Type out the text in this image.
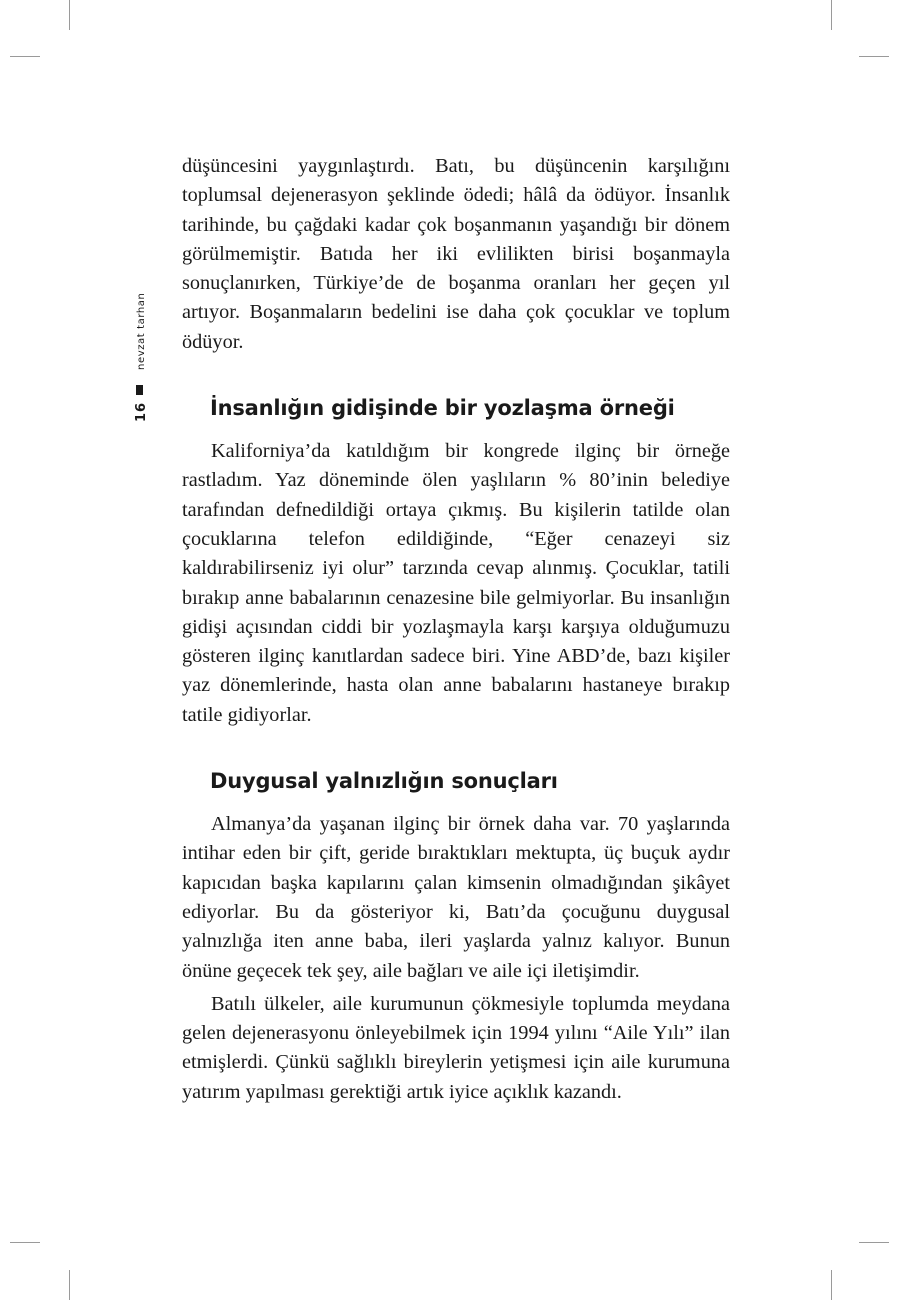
nevzat tarhan
16

düşüncesini yaygınlaştırdı. Batı, bu düşüncenin karşılığını toplumsal dejenerasyon şeklinde ödedi; hâlâ da ödüyor. İnsanlık tarihinde, bu çağdaki kadar çok boşanmanın yaşandığı bir dönem görülmemiştir. Batıda her iki evlilikten birisi boşanmayla sonuçlanırken, Türkiye’de de boşanma oranları her geçen yıl artıyor. Boşanmaların bedelini ise daha çok çocuklar ve toplum ödüyor.

İnsanlığın gidişinde bir yozlaşma örneği

Kaliforniya’da katıldığım bir kongrede ilginç bir örneğe rastladım. Yaz döneminde ölen yaşlıların % 80’inin belediye tarafından defnedildiği ortaya çıkmış. Bu kişilerin tatilde olan çocuklarına telefon edildiğinde, “Eğer cenazeyi siz kaldırabilirseniz iyi olur” tarzında cevap alınmış. Çocuklar, tatili bırakıp anne babalarının cenazesine bile gelmiyorlar. Bu insanlığın gidişi açısından ciddi bir yozlaşmayla karşı karşıya olduğumuzu gösteren ilginç kanıtlardan sadece biri. Yine ABD’de, bazı kişiler yaz dönemlerinde, hasta olan anne babalarını hastaneye bırakıp tatile gidiyorlar.

Duygusal yalnızlığın sonuçları

Almanya’da yaşanan ilginç bir örnek daha var. 70 yaşlarında intihar eden bir çift, geride bıraktıkları mektupta, üç buçuk aydır kapıcıdan başka kapılarını çalan kimsenin olmadığından şikâyet ediyorlar. Bu da gösteriyor ki, Batı’da çocuğunu duygusal yalnızlığa iten anne baba, ileri yaşlarda yalnız kalıyor. Bunun önüne geçecek tek şey, aile bağları ve aile içi iletişimdir.

Batılı ülkeler, aile kurumunun çökmesiyle toplumda meydana gelen dejenerasyonu önleyebilmek için 1994 yılını “Aile Yılı” ilan etmişlerdi. Çünkü sağlıklı bireylerin yetişmesi için aile kurumuna yatırım yapılması gerektiği artık iyice açıklık kazandı.
